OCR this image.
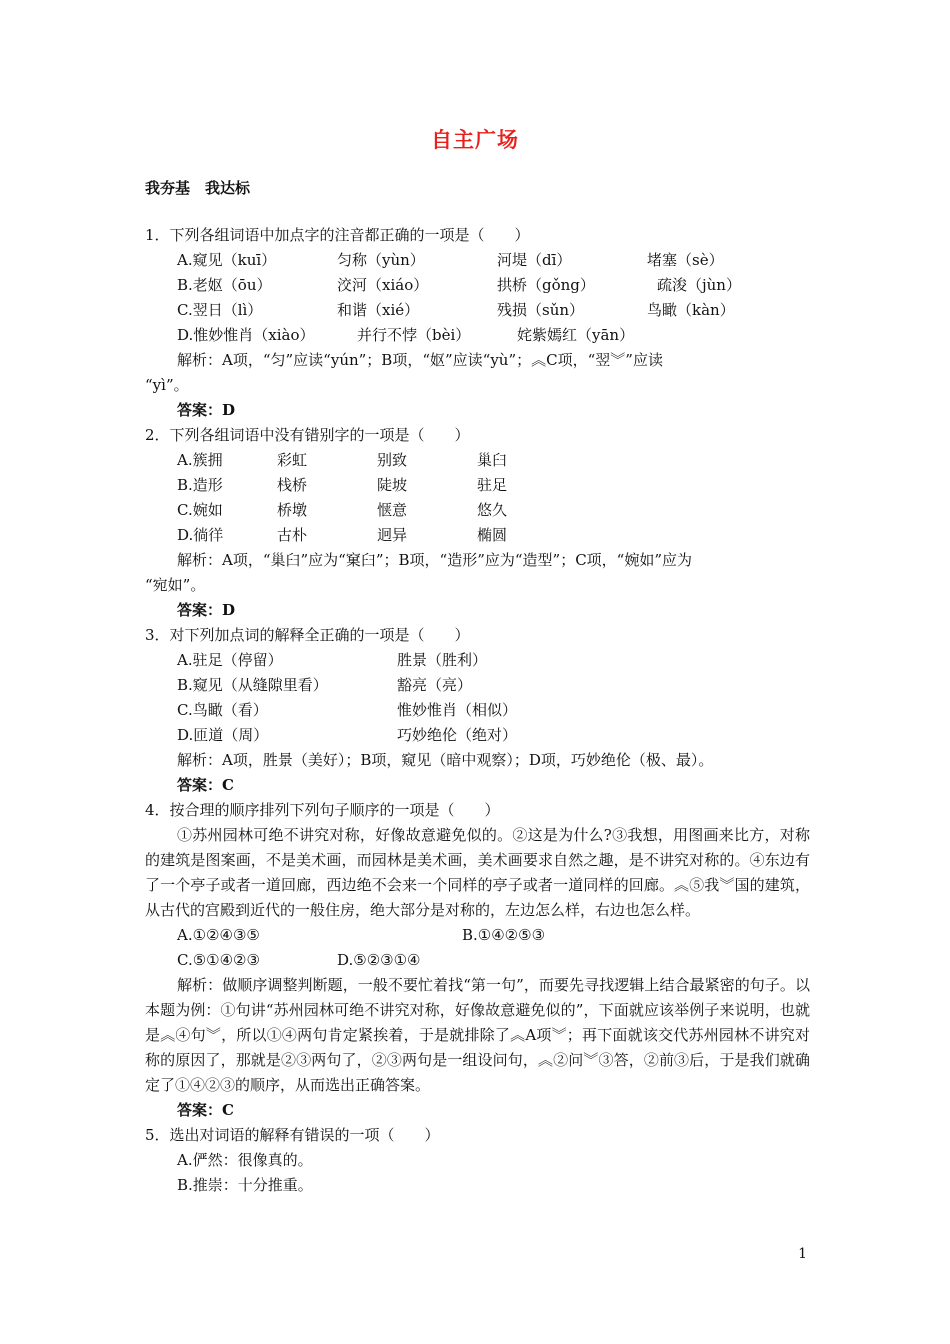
自主广场
我夯基　我达标
1．下列各组词语中加点字的注音都正确的一项是（　　）
A.窥见（kuī）	匀称（yùn）	河堤（dī）	堵塞（sè）
B.老妪（ōu）	洨河（xiáo）	拱桥（gǒng）	疏浚（jùn）
C.翌日（lì）	和谐（xié）	残损（sǔn）	鸟瞰（kàn）
D.惟妙惟肖（xiào）	并行不悖（bèi）	姹紫嫣红（yān）
解析：A项，“匀”应读“yún”；B项，“妪”应读“yù”；︽C项，“翌︾”应读
“yì”。
答案：D
2．下列各组词语中没有错别字的一项是（　　）
A.簇拥	彩虹	别致	巢臼
B.造形	栈桥	陡坡	驻足
C.婉如	桥墩	惬意	悠久
D.徜徉	古朴	迥异	椭圆
解析：A项，“巢臼”应为“窠臼”；B项，“造形”应为“造型”；C项，“婉如”应为
“宛如”。
答案：D
3．对下列加点词的解释全正确的一项是（　　）
A.驻足（停留）	胜景（胜利）
B.窥见（从缝隙里看）	豁亮（亮）
C.鸟瞰（看）	惟妙惟肖（相似）
D.匝道（周）	巧妙绝伦（绝对）
解析：A项，胜景（美好）；B项，窥见（暗中观察）；D项，巧妙绝伦（极、最）。
答案：C
4．按合理的顺序排列下列句子顺序的一项是（　　）
①苏州园林可绝不讲究对称，好像故意避免似的。②这是为什么?③我想，用图画来比方，对称的建筑是图案画，不是美术画，而园林是美术画，美术画要求自然之趣，是不讲究对称的。④东边有了一个亭子或者一道回廊，西边绝不会来一个同样的亭子或者一道同样的回廊。︽⑤我︾国的建筑，从古代的宫殿到近代的一般住房，绝大部分是对称的，左边怎么样，右边也怎么样。
A.①②④③⑤	B.①④②⑤③
C.⑤①④②③	D.⑤②③①④
解析：做顺序调整判断题，一般不要忙着找“第一句”，而要先寻找逻辑上结合最紧密的句子。以本题为例：①句讲“苏州园林可绝不讲究对称，好像故意避免似的”，下面就应该举例子来说明，也就是︽④句︾，所以①④两句肯定紧挨着，于是就排除了︽A项︾；再下面就该交代苏州园林不讲究对称的原因了，那就是②③两句了，②③两句是一组设问句，︽②问︾③答，②前③后，于是我们就确定了①④②③的顺序，从而选出正确答案。
答案：C
5．选出对词语的解释有错误的一项（　　）
A.俨然：很像真的。
B.推崇：十分推重。
1
